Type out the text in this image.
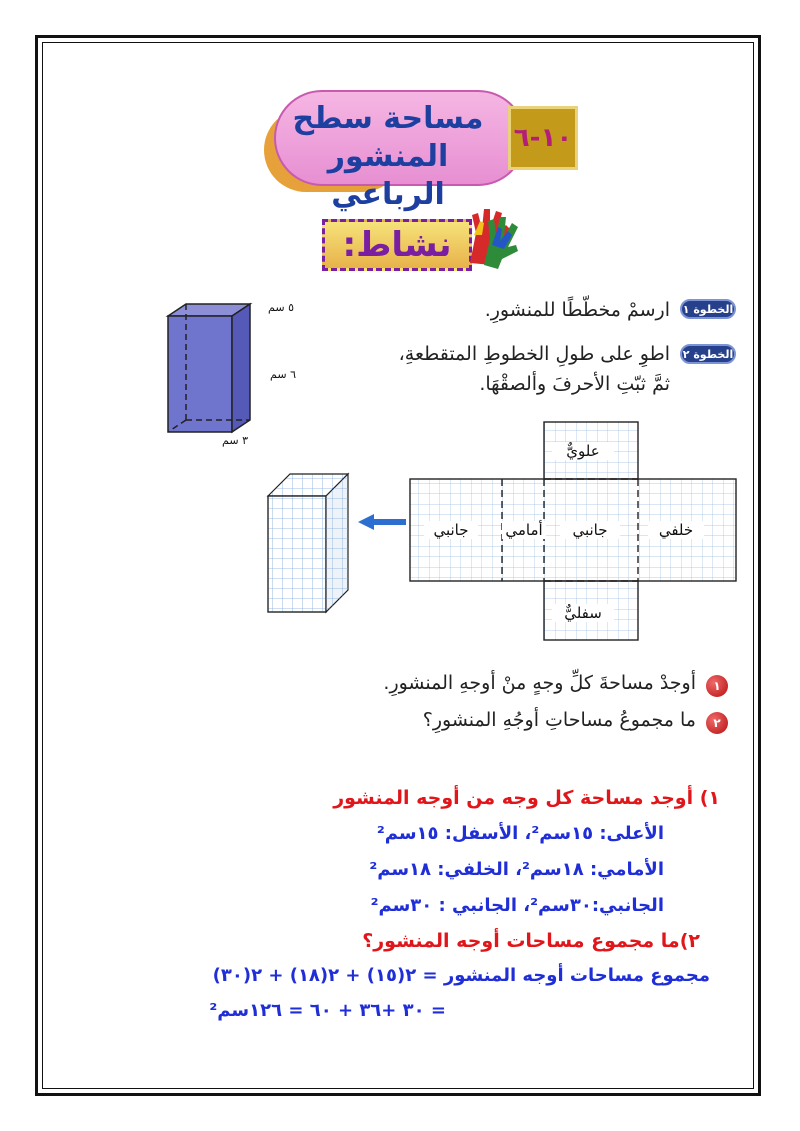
مساحة سطح
المنشور الرباعي
١٠-٦
نشاط:
٥ سم
٦ سم
٣ سم
الخطوة ١
ارسمْ مخطّطًا للمنشورِ.
الخطوة ٢
اطوِ على طولِ الخطوطِ المتقطعةِ،
ثمَّ ثبّتِ الأحرفَ وألصقْهَا.
علويٌّ
سفليٌّ
خلفي
جانبي
أمامي
جانبي
١
أوجدْ مساحةَ كلِّ وجهٍ منْ أوجهِ المنشورِ.
٢
ما مجموعُ مساحاتِ أوجُهِ المنشورِ؟
١) أوجد مساحة كل وجه من أوجه المنشور
الأعلى: ١٥سم²، الأسفل: ١٥سم²
الأمامي: ١٨سم²، الخلفي: ١٨سم²
الجانبي:٣٠سم²، الجانبي : ٣٠سم²
٢)ما مجموع مساحات أوجه المنشور؟
مجموع مساحات أوجه المنشور = ٢(١٥) + ٢(١٨) + ٢(٣٠)
= ٣٠ +٣٦ + ٦٠ = ١٢٦سم²
